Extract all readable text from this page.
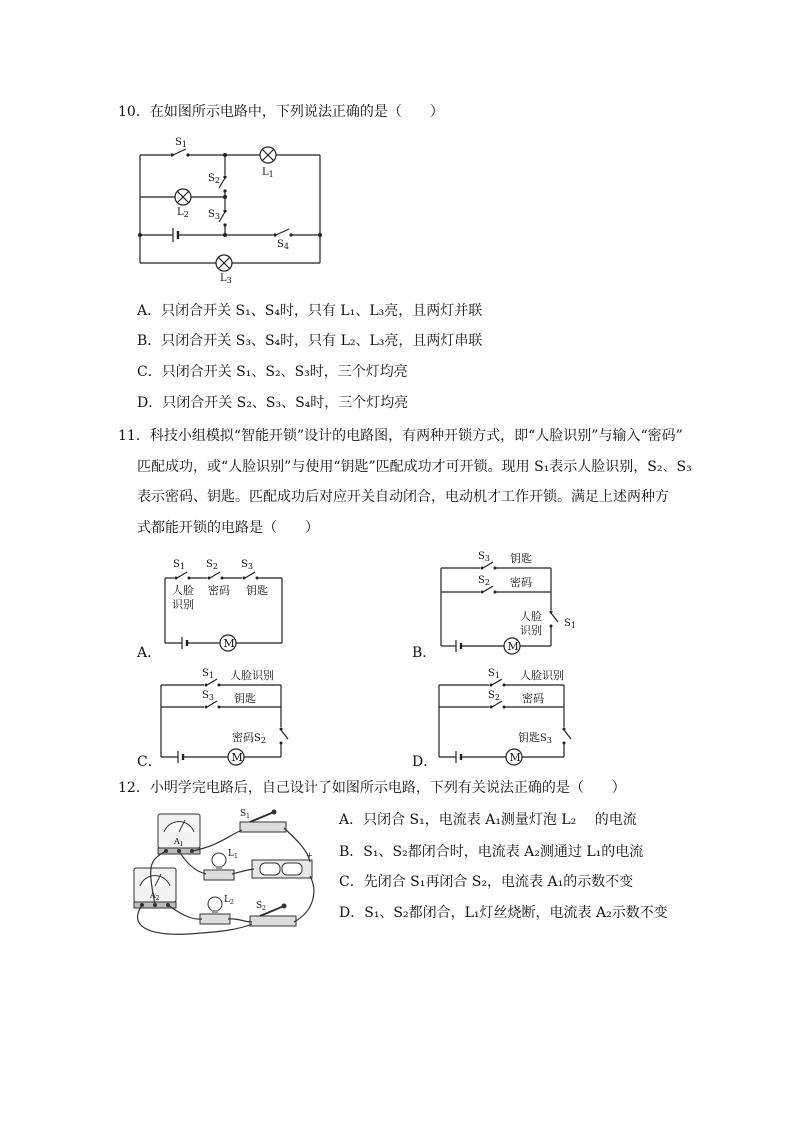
10．在如图所示电路中，下列说法正确的是（　　）
$S_1$
$L_1$
$S_2$
$L_2$ $S_3$
$S_4$
$L_3$
A．只闭合开关 S₁、S₄时，只有 L₁、L₃亮，且两灯并联
B．只闭合开关 S₃、S₄时，只有 L₂、L₃亮，且两灯串联
C．只闭合开关 S₁、S₂、S₃时，三个灯均亮
D．只闭合开关 S₂、S₃、S₄时，三个灯均亮
11．科技小组模拟“智能开锁”设计的电路图，有两种开锁方式，即“人脸识别”与输入“密码”
匹配成功，或“人脸识别”与使用“钥匙”匹配成功才可开锁。现用 S₁表示人脸识别，S₂、S₃
表示密码、钥匙。匹配成功后对应开关自动闭合，电动机才工作开锁。满足上述两种方
式都能开锁的电路是（　　）
A．
M
$S_1$ $S_2$ $S_3$
人脸
识别
密码 钥匙
B．	M
$S_3$ 钥匙
$S_2$ 密码
人脸
识别
$S_1$
C．	M
$S_1$ 人脸识别
$S_3$ 钥匙
密码S2
D．	M
$S_1$ 人脸识别
$S_2$ 密码
钥匙S3
12．小明学完电路后，自己设计了如图所示电路，下列有关说法正确的是（　　）
$A_1$
$A_2$
$S_1$
$L_1$	+
$L_2$ $S_2$
A．只闭合 S₁，电流表 A₁测量灯泡 L₂　 的电流
B．S₁、S₂都闭合时，电流表 A₂测通过 L₁的电流
C．先闭合 S₁再闭合 S₂，电流表 A₁的示数不变
D．S₁、S₂都闭合，L₁灯丝烧断，电流表 A₂示数不变
